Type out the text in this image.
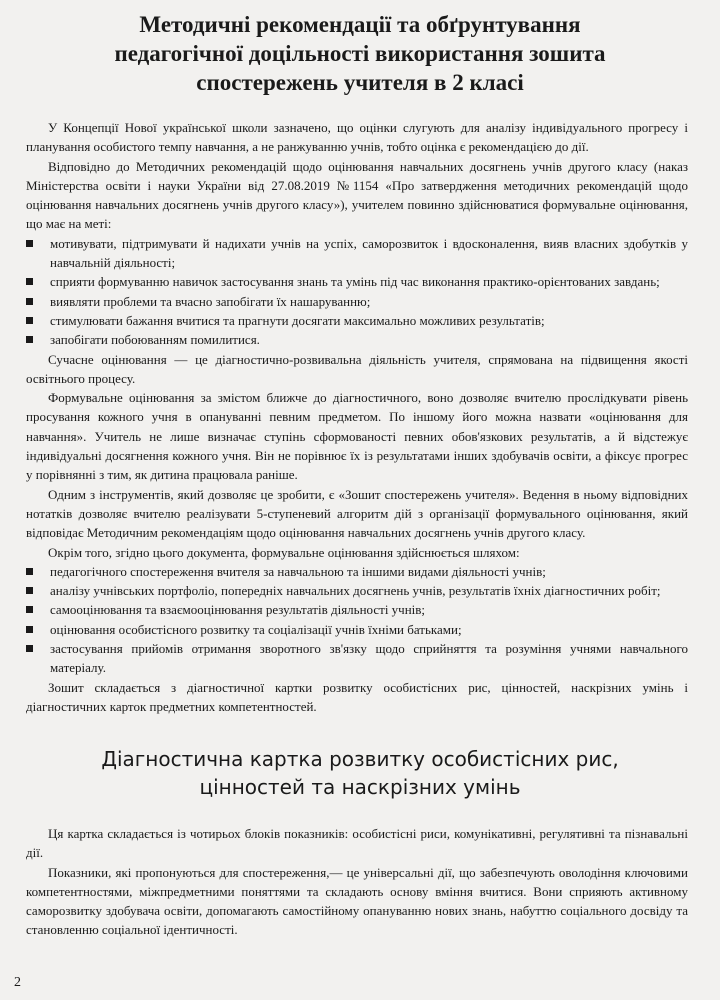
Методичні рекомендації та обґрунтування
педагогічної доцільності використання зошита
спостережень учителя в 2 класі

У Концепції Нової української школи зазначено, що оцінки слугують для аналізу індивідуального прогресу і планування особистого темпу навчання, а не ранжуванню учнів, тобто оцінка є рекомендацією до дії.

Відповідно до Методичних рекомендацій щодо оцінювання навчальних досягнень учнів другого класу (наказ Міністерства освіти і науки України від 27.08.2019 №1154 «Про затвердження методичних рекомендацій щодо оцінювання навчальних досягнень учнів другого класу»), учителем повинно здійснюватися формувальне оцінювання, що має на меті:

мотивувати, підтримувати й надихати учнів на успіх, саморозвиток і вдосконалення, вияв власних здобутків у навчальній діяльності;
сприяти формуванню навичок застосування знань та умінь під час виконання практико-орієнтованих завдань;
виявляти проблеми та вчасно запобігати їх нашаруванню;
стимулювати бажання вчитися та прагнути досягати максимально можливих результатів;
запобігати побоюванням помилитися.

Сучасне оцінювання — це діагностично-розвивальна діяльність учителя, спрямована на підвищення якості освітнього процесу.

Формувальне оцінювання за змістом ближче до діагностичного, воно дозволяє вчителю прослідкувати рівень просування кожного учня в опануванні певним предметом. По іншому його можна назвати «оцінювання для навчання». Учитель не лише визначає ступінь сформованості певних обов'язкових результатів, а й відстежує індивідуальні досягнення кожного учня. Він не порівнює їх із результатами інших здобувачів освіти, а фіксує прогрес у порівнянні з тим, як дитина працювала раніше.

Одним з інструментів, який дозволяє це зробити, є «Зошит спостережень учителя». Ведення в ньому відповідних нотатків дозволяє вчителю реалізувати 5-ступеневий алгоритм дій з організації формувального оцінювання, який відповідає Методичним рекомендаціям щодо оцінювання навчальних досягнень учнів другого класу.

Окрім того, згідно цього документа, формувальне оцінювання здійснюється шляхом:

педагогічного спостереження вчителя за навчальною та іншими видами діяльності учнів;
аналізу учнівських портфоліо, попередніх навчальних досягнень учнів, результатів їхніх діагностичних робіт;
самооцінювання та взаємооцінювання результатів діяльності учнів;
оцінювання особистісного розвитку та соціалізації учнів їхніми батьками;
застосування прийомів отримання зворотного зв'язку щодо сприйняття та розуміння учнями навчального матеріалу.

Зошит складається з діагностичної картки розвитку особистісних рис, цінностей, наскрізних умінь і діагностичних карток предметних компетентностей.

Діагностична картка розвитку особистісних рис,
цінностей та наскрізних умінь

Ця картка складається із чотирьох блоків показників: особистісні риси, комунікативні, регулятивні та пізнавальні дії.

Показники, які пропонуються для спостереження,— це універсальні дії, що забезпечують оволодіння ключовими компетентностями, міжпредметними поняттями та складають основу вміння вчитися. Вони сприяють активному саморозвитку здобувача освіти, допомагають самостійному опануванню нових знань, набуттю соціального досвіду та становленню соціальної ідентичності.

2
